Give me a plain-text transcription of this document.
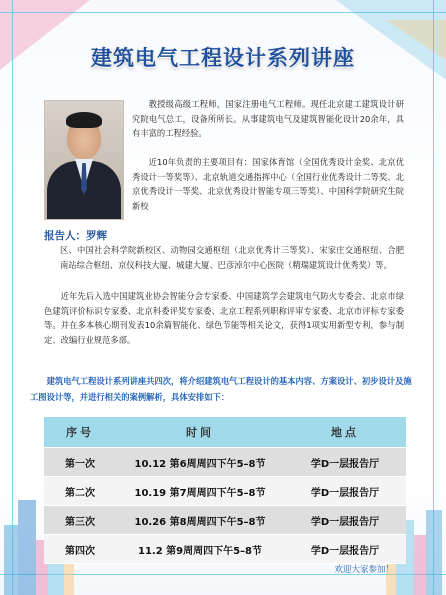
建筑电气工程设计系列讲座
报告人：罗辉

教授级高级工程师，国家注册电气工程师。现任北京建工建筑设计研究院电气总工，设备所所长。从事建筑电气及建筑智能化设计20余年，具有丰富的工程经验。

近10年负责的主要项目有：国家体育馆（全国优秀设计金奖、北京优秀设计一等奖等）、北京轨道交通指挥中心（全国行业优秀设计二等奖、北京优秀设计一等奖、北京优秀设计智能专项三等奖）、中国科学院研究生院新校

区、中国社会科学院新校区、动物园交通枢纽（北京优秀计三等奖）、宋家庄交通枢纽、合肥南站综合枢纽、京仪科技大厦、城建大厦、巴彦淖尔中心医院（精瑞建筑设计优秀奖）等。

近年先后入选中国建筑业协会智能分会专家委、中国建筑学会建筑电气防火专委会、北京市绿色建筑评价标识专家委、北京科委评奖专家委、北京工程系列职称评审专家委、北京市评标专家委等。并在多本核心期刊发表10余篇智能化、绿色节能等相关论文，获得1项实用新型专利，参与制定、改编行业规范多部。

建筑电气工程设计系列讲座共四次，将介绍建筑电气工程设计的基本内容、方案设计、初步设计及施工图设计等，并进行相关的案例解析，具体安排如下：

序号	时间	地点
第一次	10.12 第6周周四下午5–8节	学D一层报告厅
第二次	10.19 第7周周四下午5–8节	学D一层报告厅
第三次	10.26 第8周周四下午5–8节	学D一层报告厅
第四次	11.2 第9周周四下午5–8节	学D一层报告厅
欢迎大家参加！
